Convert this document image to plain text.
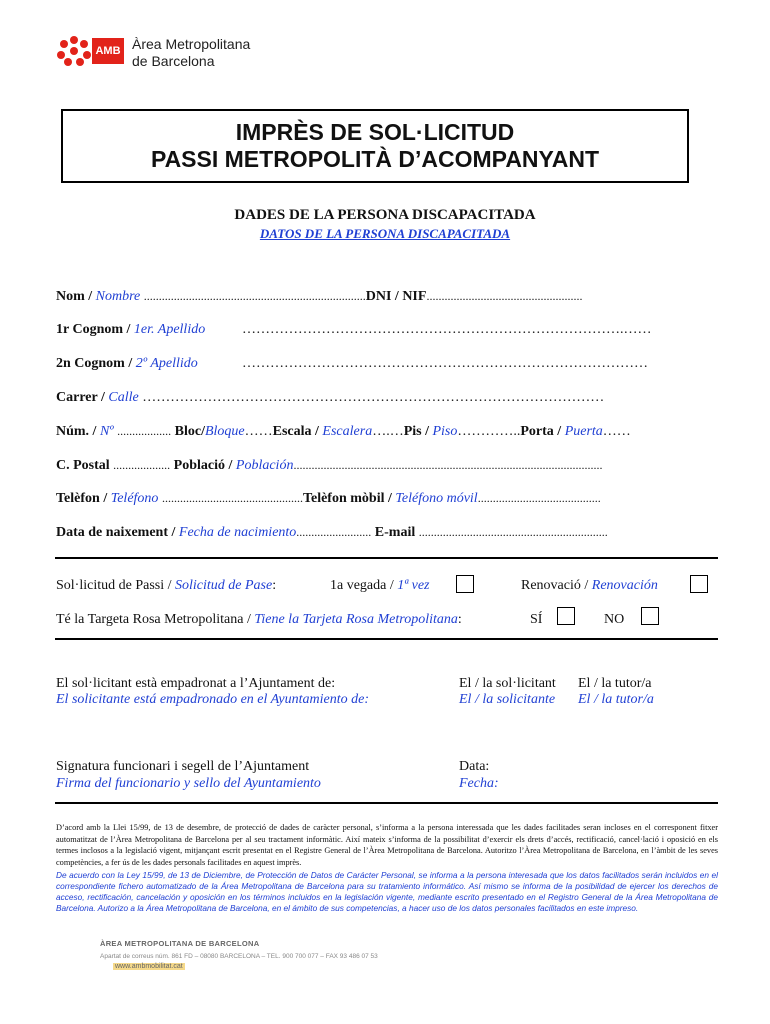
AMB Àrea Metropolitana
de Barcelona
IMPRÈS DE SOL·LICITUD
PASSI METROPOLITÀ D’ACOMPANYANT
DADES DE LA PERSONA DISCAPACITADA
DATOS DE LA PERSONA DISCAPACITADA
Nom / Nombre ..........................................................................DNI / NIF....................................................
1r Cognom / 1er. Apellido	……………………………………………………………………….……
2n Cognom / 2º Apellido	……………………………………………………………………………
Carrer / Calle ………………………………………………………………………………………
Núm. / Nº .................. Bloc/Bloque……Escala / Escalera….…Pis / Piso…………..Porta / Puerta……
C. Postal ................... Població / Población.......................................................................................................
Telèfon / Teléfono ...............................................Telèfon mòbil / Teléfono móvil.........................................
Data de naixement / Fecha de nacimiento......................... E-mail ...............................................................
Sol·licitud de Passi / Solicitud de Pase:	1a vegada / 1ª vez	Renovació / Renovación
Té la Targeta Rosa Metropolitana / Tiene la Tarjeta Rosa Metropolitana:	SÍ	NO
El sol·licitant està empadronat a l’Ajuntament de:
El solicitante está empadronado en el Ayuntamiento de:
El / la sol·licitant
El / la solicitante
El / la tutor/a
El / la tutor/a
Signatura funcionari i segell de l’Ajuntament
Firma del funcionario y sello del Ayuntamiento
Data:
Fecha:
D’acord amb la Llei 15/99, de 13 de desembre, de protecció de dades de caràcter personal, s’informa a la persona interessada que les dades facilitades seran incloses en el corresponent fitxer automatitzat de l’Àrea Metropolitana de Barcelona per al seu tractament informàtic. Així mateix s’informa de la possibilitat d’exercir els drets d’accés, rectificació, cancel·lació i oposició en els termes inclosos a la legislació vigent, mitjançant escrit presentat en el Registre General de l’Àrea Metropolitana de Barcelona. Autoritzo l’Àrea Metropolitana de Barcelona, en l’àmbit de les seves competències, a fer ús de les dades personals facilitades en aquest imprès.
De acuerdo con la Ley 15/99, de 13 de Diciembre, de Protección de Datos de Carácter Personal, se informa a la persona interesada que los datos facilitados serán incluidos en el correspondiente fichero automatizado de la Área Metropolitana de Barcelona para su tratamiento informático. Así mismo se informa de la posibilidad de ejercer los derechos de acceso, rectificación, cancelación y oposición en los términos incluidos en la legislación vigente, mediante escrito presentado en el Registro General de la Área Metropolitana de Barcelona. Autorizo a la Área Metropolitana de Barcelona, en el ámbito de sus competencias, a hacer uso de los datos personales facilitados en este impreso.
ÀREA METROPOLITANA DE BARCELONA
Apartat de correus núm. 861 FD – 08080 BARCELONA – TEL. 900 700 077 – FAX 93 486 07 53
www.ambmobilitat.cat
